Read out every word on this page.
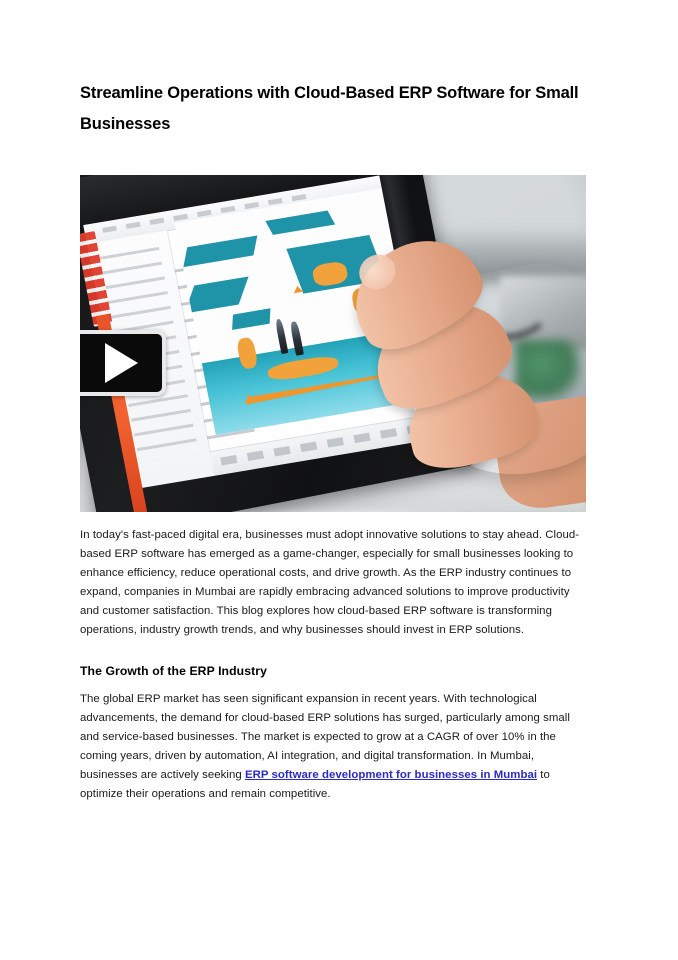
Streamline Operations with Cloud-Based ERP Software for Small Businesses

In today's fast-paced digital era, businesses must adopt innovative solutions to stay ahead. Cloud-based ERP software has emerged as a game-changer, especially for small businesses looking to enhance efficiency, reduce operational costs, and drive growth. As the ERP industry continues to expand, companies in Mumbai are rapidly embracing advanced solutions to improve productivity and customer satisfaction. This blog explores how cloud-based ERP software is transforming operations, industry growth trends, and why businesses should invest in ERP solutions.

The Growth of the ERP Industry

The global ERP market has seen significant expansion in recent years. With technological advancements, the demand for cloud-based ERP solutions has surged, particularly among small and service-based businesses. The market is expected to grow at a CAGR of over 10% in the coming years, driven by automation, AI integration, and digital transformation. In Mumbai, businesses are actively seeking ERP software development for businesses in Mumbai to optimize their operations and remain competitive.
